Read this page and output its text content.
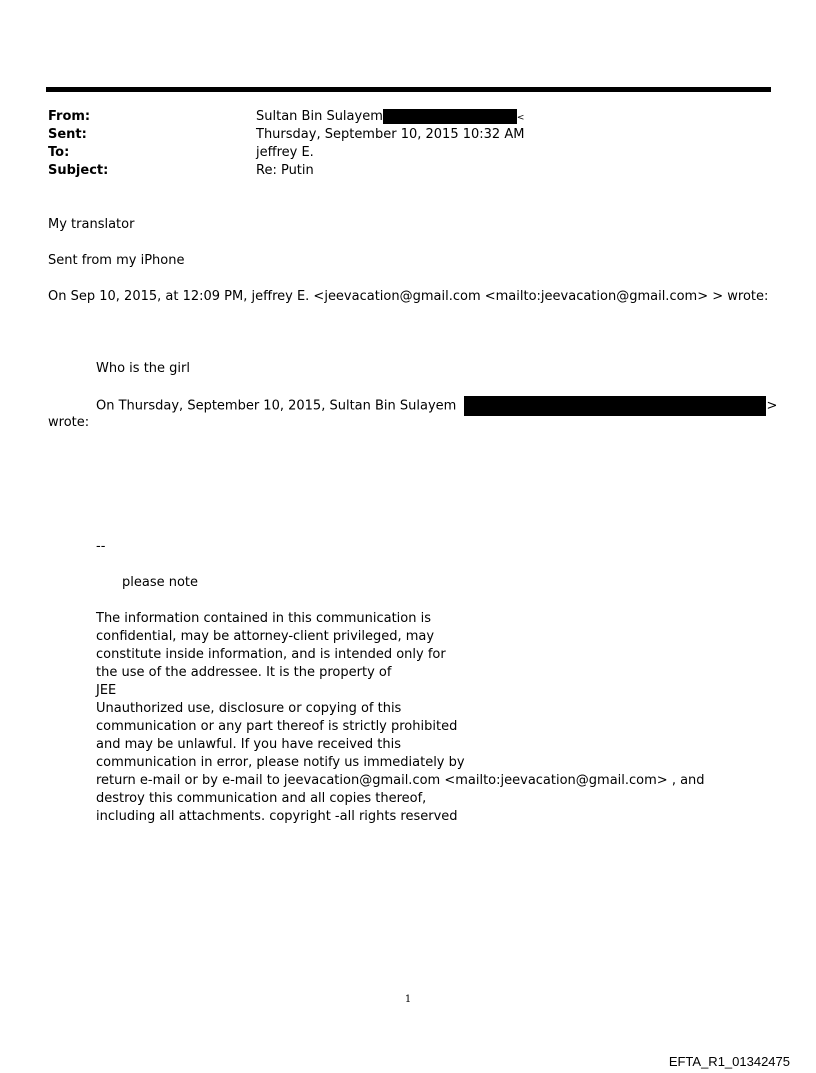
From:	Sultan Bin Sulayem	<
Sent:	Thursday, September 10, 2015 10:32 AM
To:	jeffrey E.
Subject:	Re: Putin
My translator
Sent from my iPhone
On Sep 10, 2015, at 12:09 PM, jeffrey E. <jeevacation@gmail.com <mailto:jeevacation@gmail.com> > wrote:
Who is the girl
On Thursday, September 10, 2015, Sultan Bin Sulayem	>
wrote:
--
please note
The information contained in this communication is
confidential, may be attorney-client privileged, may
constitute inside information, and is intended only for
the use of the addressee. It is the property of
JEE
Unauthorized use, disclosure or copying of this
communication or any part thereof is strictly prohibited
and may be unlawful. If you have received this
communication in error, please notify us immediately by
return e-mail or by e-mail to jeevacation@gmail.com <mailto:jeevacation@gmail.com> , and
destroy this communication and all copies thereof,
including all attachments. copyright -all rights reserved
1
EFTA_R1_01342475
